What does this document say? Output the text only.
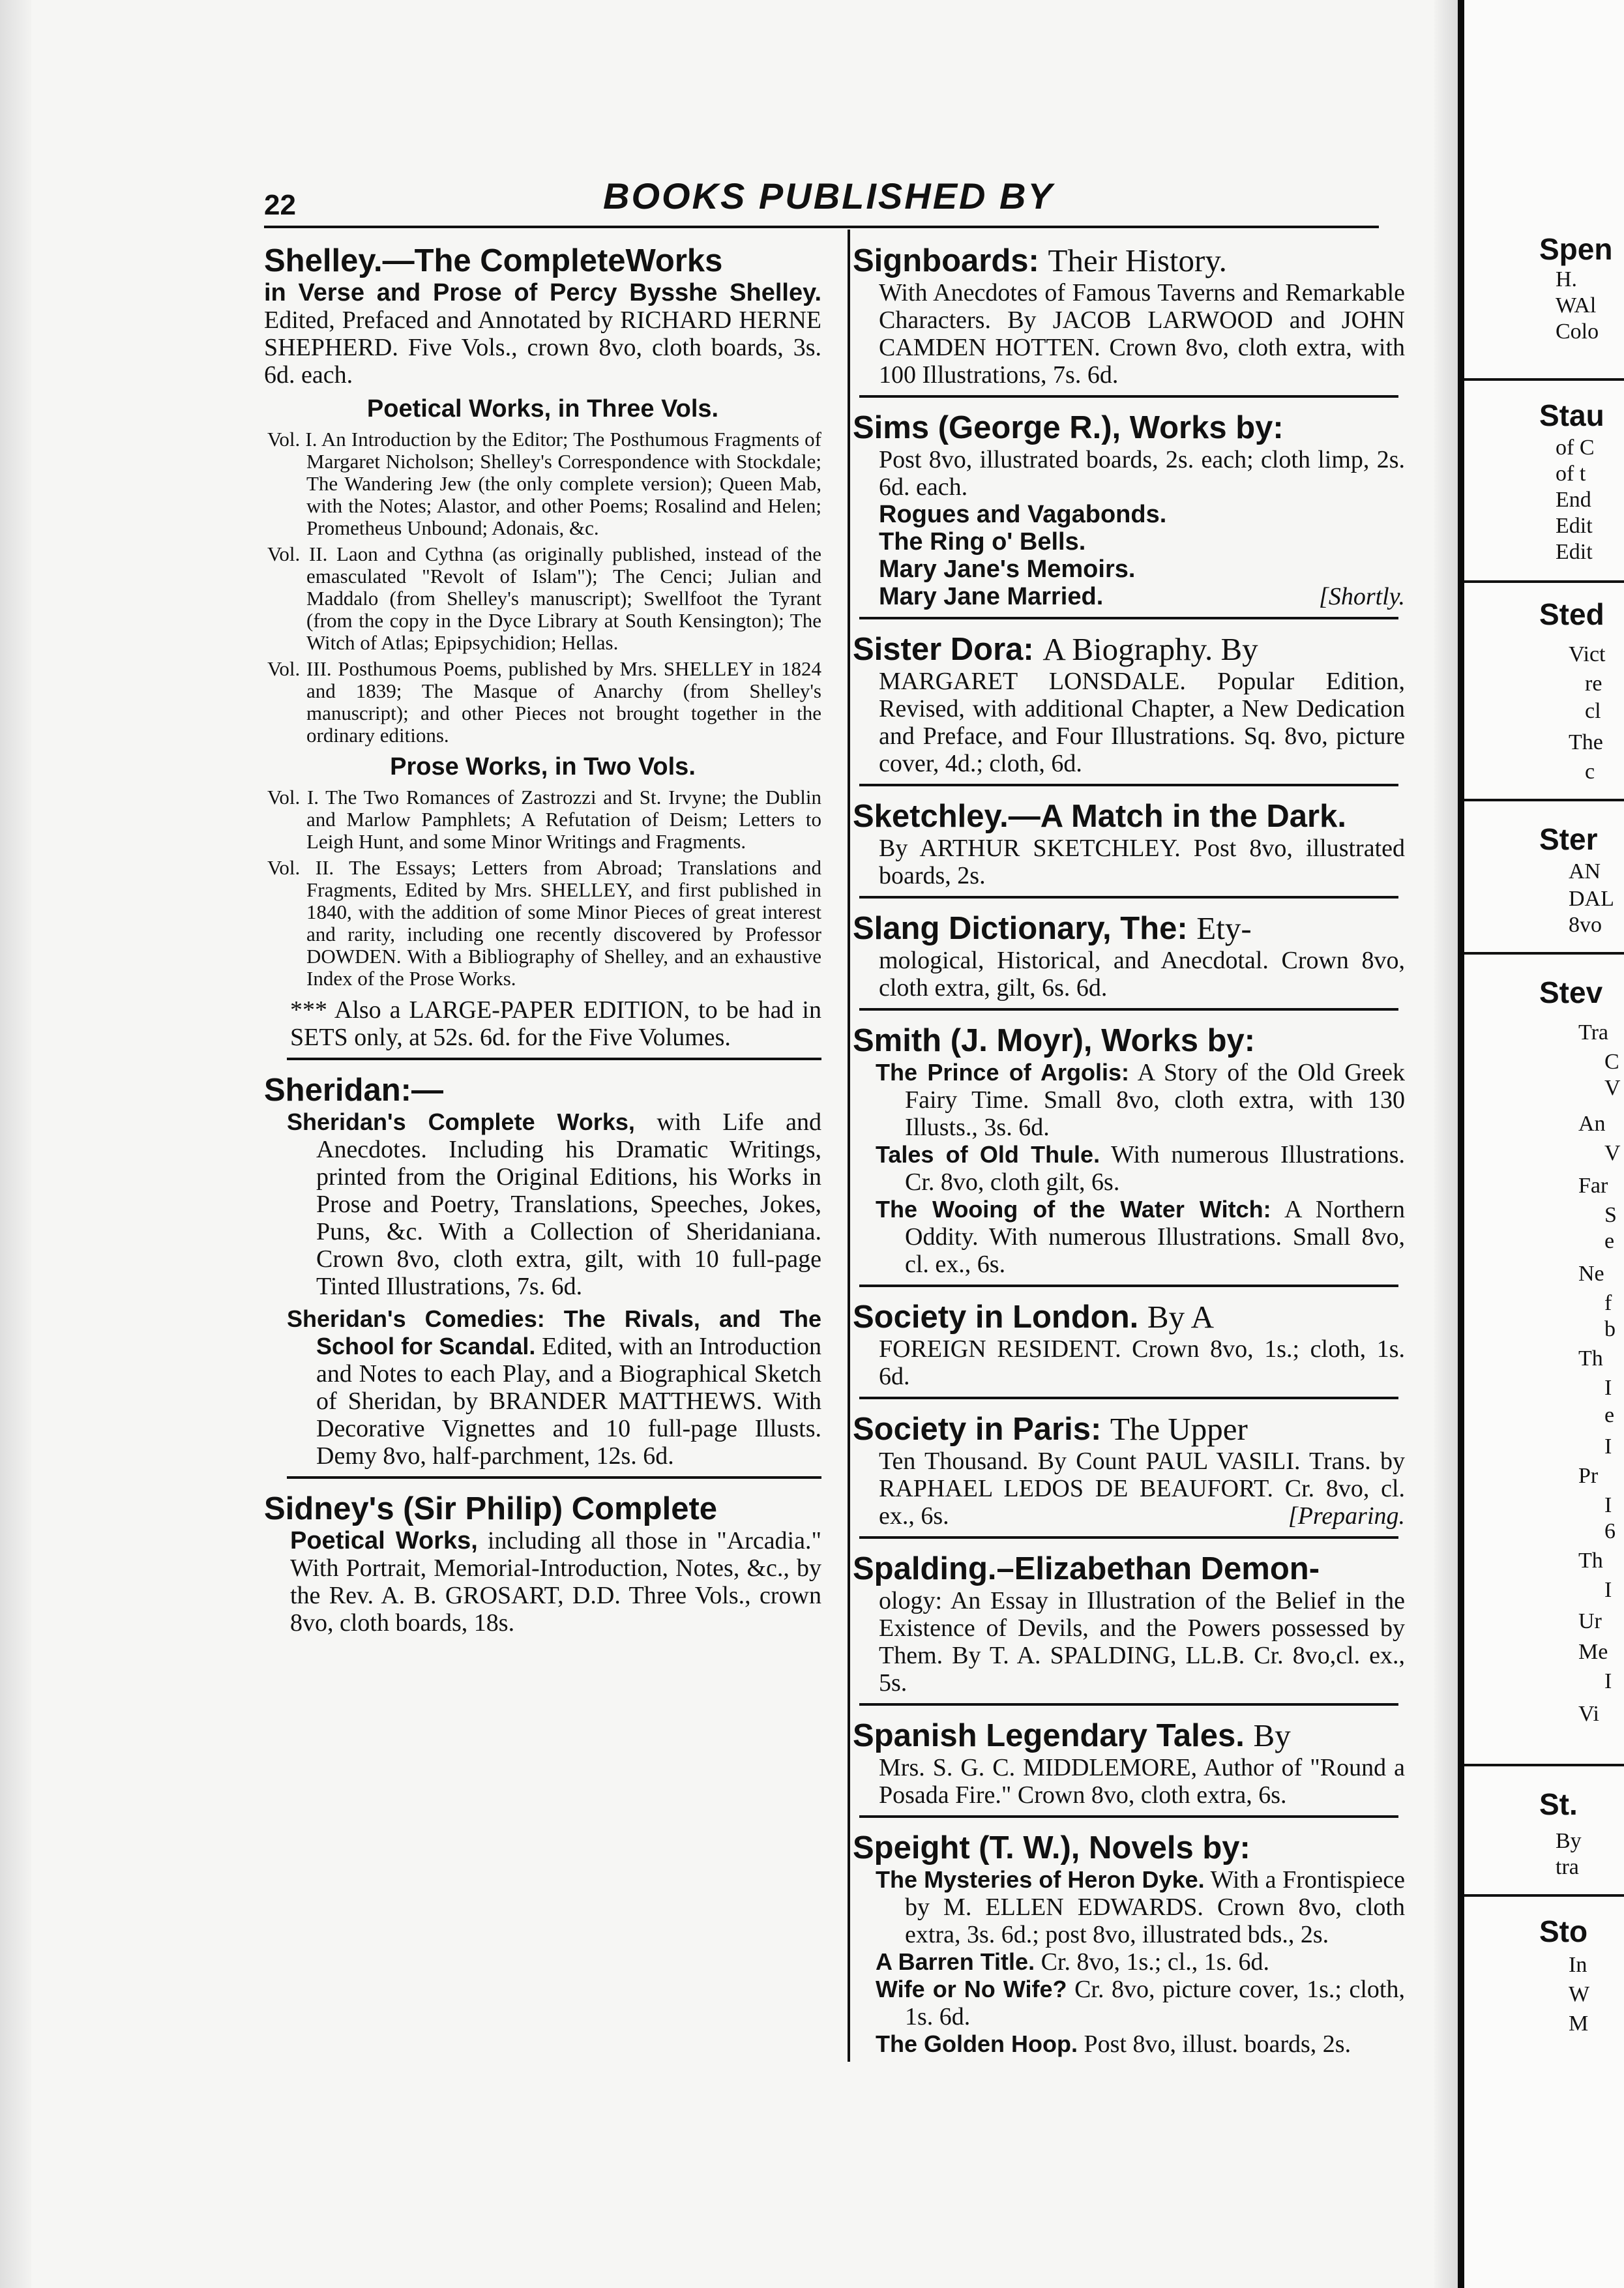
22	BOOKS PUBLISHED BY
Shelley.—The CompleteWorks
in Verse and Prose of Percy Bysshe Shelley. Edited, Prefaced and Annotated by RICHARD HERNE SHEPHERD. Five Vols., crown 8vo, cloth boards, 3s. 6d. each.
Poetical Works, in Three Vols.
Vol. I. An Introduction by the Editor; The Posthumous Fragments of Margaret Nicholson; Shelley's Correspondence with Stockdale; The Wandering Jew (the only complete version); Queen Mab, with the Notes; Alastor, and other Poems; Rosalind and Helen; Prometheus Unbound; Adonais, &c.
Vol. II. Laon and Cythna (as originally published, instead of the emasculated "Revolt of Islam"); The Cenci; Julian and Maddalo (from Shelley's manuscript); Swellfoot the Tyrant (from the copy in the Dyce Library at South Kensington); The Witch of Atlas; Epipsychidion; Hellas.
Vol. III. Posthumous Poems, published by Mrs. SHELLEY in 1824 and 1839; The Masque of Anarchy (from Shelley's manuscript); and other Pieces not brought together in the ordinary editions.
Prose Works, in Two Vols.
Vol. I. The Two Romances of Zastrozzi and St. Irvyne; the Dublin and Marlow Pamphlets; A Refutation of Deism; Letters to Leigh Hunt, and some Minor Writings and Fragments.
Vol. II. The Essays; Letters from Abroad; Translations and Fragments, Edited by Mrs. SHELLEY, and first published in 1840, with the addition of some Minor Pieces of great interest and rarity, including one recently discovered by Professor DOWDEN. With a Bibliography of Shelley, and an exhaustive Index of the Prose Works.
*** Also a LARGE-PAPER EDITION, to be had in SETS only, at 52s. 6d. for the Five Volumes.
Sheridan:—
Sheridan's Complete Works, with Life and Anecdotes. Including his Dramatic Writings, printed from the Original Editions, his Works in Prose and Poetry, Translations, Speeches, Jokes, Puns, &c. With a Collection of Sheridaniana. Crown 8vo, cloth extra, gilt, with 10 full-page Tinted Illustrations, 7s. 6d.
Sheridan's Comedies: The Rivals, and The School for Scandal. Edited, with an Introduction and Notes to each Play, and a Biographical Sketch of Sheridan, by BRANDER MATTHEWS. With Decorative Vignettes and 10 full-page Illusts. Demy 8vo, half-parchment, 12s. 6d.
Sidney's (Sir Philip) Complete
Poetical Works, including all those in "Arcadia." With Portrait, Memorial-Introduction, Notes, &c., by the Rev. A. B. GROSART, D.D. Three Vols., crown 8vo, cloth boards, 18s.
Signboards: Their History.
With Anecdotes of Famous Taverns and Remarkable Characters. By JACOB LARWOOD and JOHN CAMDEN HOTTEN. Crown 8vo, cloth extra, with 100 Illustrations, 7s. 6d.
Sims (George R.), Works by:
Post 8vo, illustrated boards, 2s. each; cloth limp, 2s. 6d. each.
Rogues and Vagabonds.
The Ring o' Bells.
Mary Jane's Memoirs.
Mary Jane Married.	[Shortly.
Sister Dora: A Biography. By
MARGARET LONSDALE. Popular Edition, Revised, with additional Chapter, a New Dedication and Preface, and Four Illustrations. Sq. 8vo, picture cover, 4d.; cloth, 6d.
Sketchley.—A Match in the Dark.
By ARTHUR SKETCHLEY. Post 8vo, illustrated boards, 2s.
Slang Dictionary, The: Ety-
mological, Historical, and Anecdotal. Crown 8vo, cloth extra, gilt, 6s. 6d.
Smith (J. Moyr), Works by:
The Prince of Argolis: A Story of the Old Greek Fairy Time. Small 8vo, cloth extra, with 130 Illusts., 3s. 6d.
Tales of Old Thule. With numerous Illustrations. Cr. 8vo, cloth gilt, 6s.
The Wooing of the Water Witch: A Northern Oddity. With numerous Illustrations. Small 8vo, cl. ex., 6s.
Society in London. By A
FOREIGN RESIDENT. Crown 8vo, 1s.; cloth, 1s. 6d.
Society in Paris: The Upper
Ten Thousand. By Count PAUL VASILI. Trans. by RAPHAEL LEDOS DE BEAUFORT. Cr. 8vo, cl. ex., 6s.	[Preparing.
Spalding.–Elizabethan Demon-
ology: An Essay in Illustration of the Belief in the Existence of Devils, and the Powers possessed by Them. By T. A. SPALDING, LL.B. Cr. 8vo,cl. ex., 5s.
Spanish Legendary Tales. By
Mrs. S. G. C. MIDDLEMORE, Author of "Round a Posada Fire." Crown 8vo, cloth extra, 6s.
Speight (T. W.), Novels by:
The Mysteries of Heron Dyke. With a Frontispiece by M. ELLEN EDWARDS. Crown 8vo, cloth extra, 3s. 6d.; post 8vo, illustrated bds., 2s.
A Barren Title. Cr. 8vo, 1s.; cl., 1s. 6d.
Wife or No Wife? Cr. 8vo, picture cover, 1s.; cloth, 1s. 6d.
The Golden Hoop. Post 8vo, illust. boards, 2s.
Spen
H.
WAl
Colo
Stau
of C
of t
End
Edit
Edit
Sted
Vict
re
cl
The
c
Ster
AN
DAL
8vo
Stev
Tra
C
V
An
V
Far
S
e
Ne
f
b
Th
I
e
I
Pr
I
6
Th
I
Ur
Me
I
Vi
St.
By
tra
Sto
In
W
M
